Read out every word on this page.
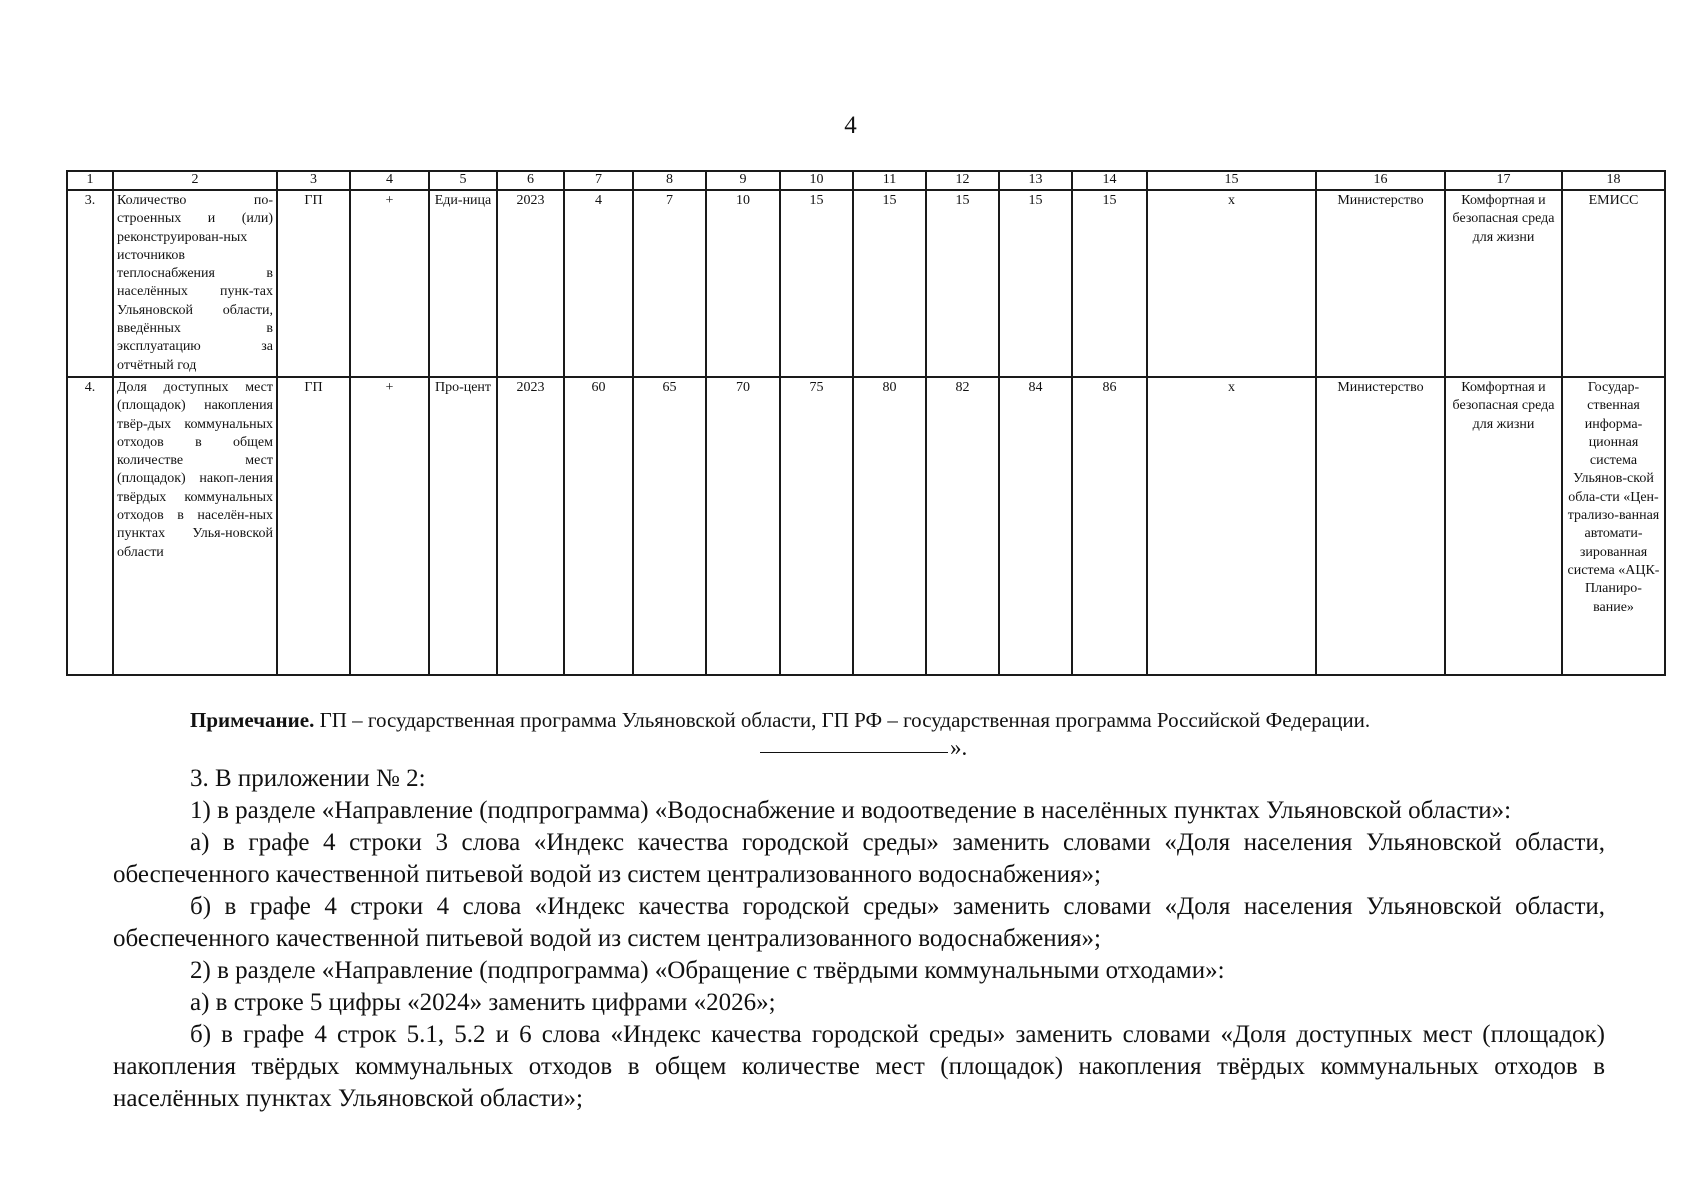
4
1	2	3	4	5	6	7	8	9	10	11	12	13	14	15	16	17	18
3.	Количество по-строенных и (или) реконструирован-ных источников теплоснабжения в населённых пунк-тах Ульяновской области, введённых в эксплуатацию за отчётный год	ГП	+	Еди-ница	2023	4	7	10	15	15	15	15	15	x	Министерство	Комфортная и безопасная среда для жизни	ЕМИСС
4.	Доля доступных мест (площадок) накопления твёр-дых коммунальных отходов в общем количестве мест (площадок) накоп-ления твёрдых коммунальных отходов в населён-ных пунктах Улья-новской области	ГП	+	Про-цент	2023	60	65	70	75	80	82	84	86	x	Министерство	Комфортная и безопасная среда для жизни	Государ-ственная информа-ционная система Ульянов-ской обла-сти «Цен-трализо-ванная автомати-зированная система «АЦК-Планиро-вание»
Примечание. ГП – государственная программа Ульяновской области, ГП РФ – государственная программа Российской Федерации.
».

3. В приложении № 2:

1) в разделе «Направление (подпрограмма) «Водоснабжение и водоотведение в населённых пунктах Ульяновской области»:

а) в графе 4 строки 3 слова «Индекс качества городской среды» заменить словами «Доля населения Ульяновской области, обеспеченного качественной питьевой водой из систем централизованного водоснабжения»;

б) в графе 4 строки 4 слова «Индекс качества городской среды» заменить словами «Доля населения Ульяновской области, обеспеченного качественной питьевой водой из систем централизованного водоснабжения»;

2) в разделе «Направление (подпрограмма) «Обращение с твёрдыми коммунальными отходами»:

а) в строке 5 цифры «2024» заменить цифрами «2026»;

б) в графе 4 строк 5.1, 5.2 и 6 слова «Индекс качества городской среды» заменить словами «Доля доступных мест (площадок) накопления твёрдых коммунальных отходов в общем количестве мест (площадок) накопления твёрдых коммунальных отходов в населённых пунктах Ульяновской области»;
